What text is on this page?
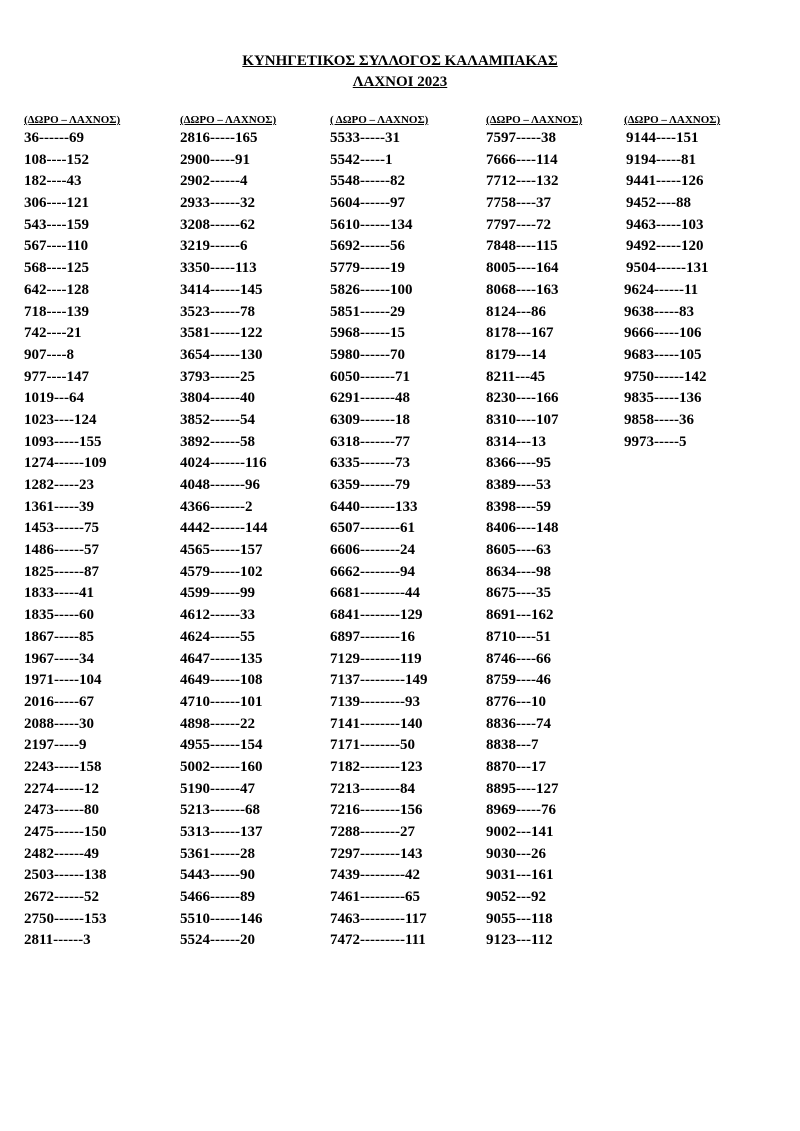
ΚΥΝΗΓΕΤΙΚΟΣ ΣΥΛΛΟΓΟΣ ΚΑΛΑΜΠΑΚΑΣ
ΛΑΧΝΟΙ 2023
(ΔΩΡΟ – ΛΑΧΝΟΣ)
36------69
108----152
182----43
306----121
543----159
567----110
568----125
642----128
718----139
742----21
907----8
977----147
1019---64
1023----124
1093-----155
1274------109
1282-----23
1361-----39
1453------75
1486------57
1825------87
1833-----41
1835-----60
1867-----85
1967-----34
1971-----104
2016-----67
2088-----30
2197-----9
2243-----158
2274------12
2473------80
2475------150
2482------49
2503------138
2672------52
2750------153
2811------3
(ΔΩΡΟ – ΛΑΧΝΟΣ)
2816-----165
2900-----91
2902------4
2933------32
3208------62
3219------6
3350-----113
3414------145
3523------78
3581------122
3654------130
3793------25
3804------40
3852------54
3892------58
4024-------116
4048-------96
4366-------2
4442-------144
4565------157
4579------102
4599------99
4612------33
4624------55
4647------135
4649------108
4710------101
4898------22
4955------154
5002------160
5190------47
5213-------68
5313------137
5361------28
5443------90
5466------89
5510------146
5524------20
( ΔΩΡΟ – ΛΑΧΝΟΣ)
5533-----31
5542-----1
5548------82
5604------97
5610------134
5692------56
5779------19
5826------100
5851------29
5968------15
5980------70
6050-------71
6291-------48
6309-------18
6318-------77
6335-------73
6359-------79
6440-------133
6507--------61
6606--------24
6662--------94
6681---------44
6841--------129
6897--------16
7129--------119
7137---------149
7139---------93
7141--------140
7171--------50
7182--------123
7213--------84
7216--------156
7288--------27
7297--------143
7439---------42
7461---------65
7463---------117
7472---------111
(ΔΩΡΟ – ΛΑΧΝΟΣ)
7597-----38
7666----114
7712----132
7758----37
7797----72
7848----115
8005----164
8068----163
8124---86
8178---167
8179---14
8211---45
8230----166
8310----107
8314---13
8366----95
8389----53
8398----59
8406----148
8605----63
8634----98
8675----35
8691---162
8710----51
8746----66
8759----46
8776---10
8836----74
8838---7
8870---17
8895----127
8969-----76
9002---141
9030---26
9031---161
9052---92
9055---118
9123---112
(ΔΩΡΟ – ΛΑΧΝΟΣ)
9144----151
9194-----81
9441-----126
9452----88
9463-----103
9492-----120
9504------131
9624------11
9638-----83
9666-----106
9683-----105
9750------142
9835-----136
9858-----36
9973-----5
